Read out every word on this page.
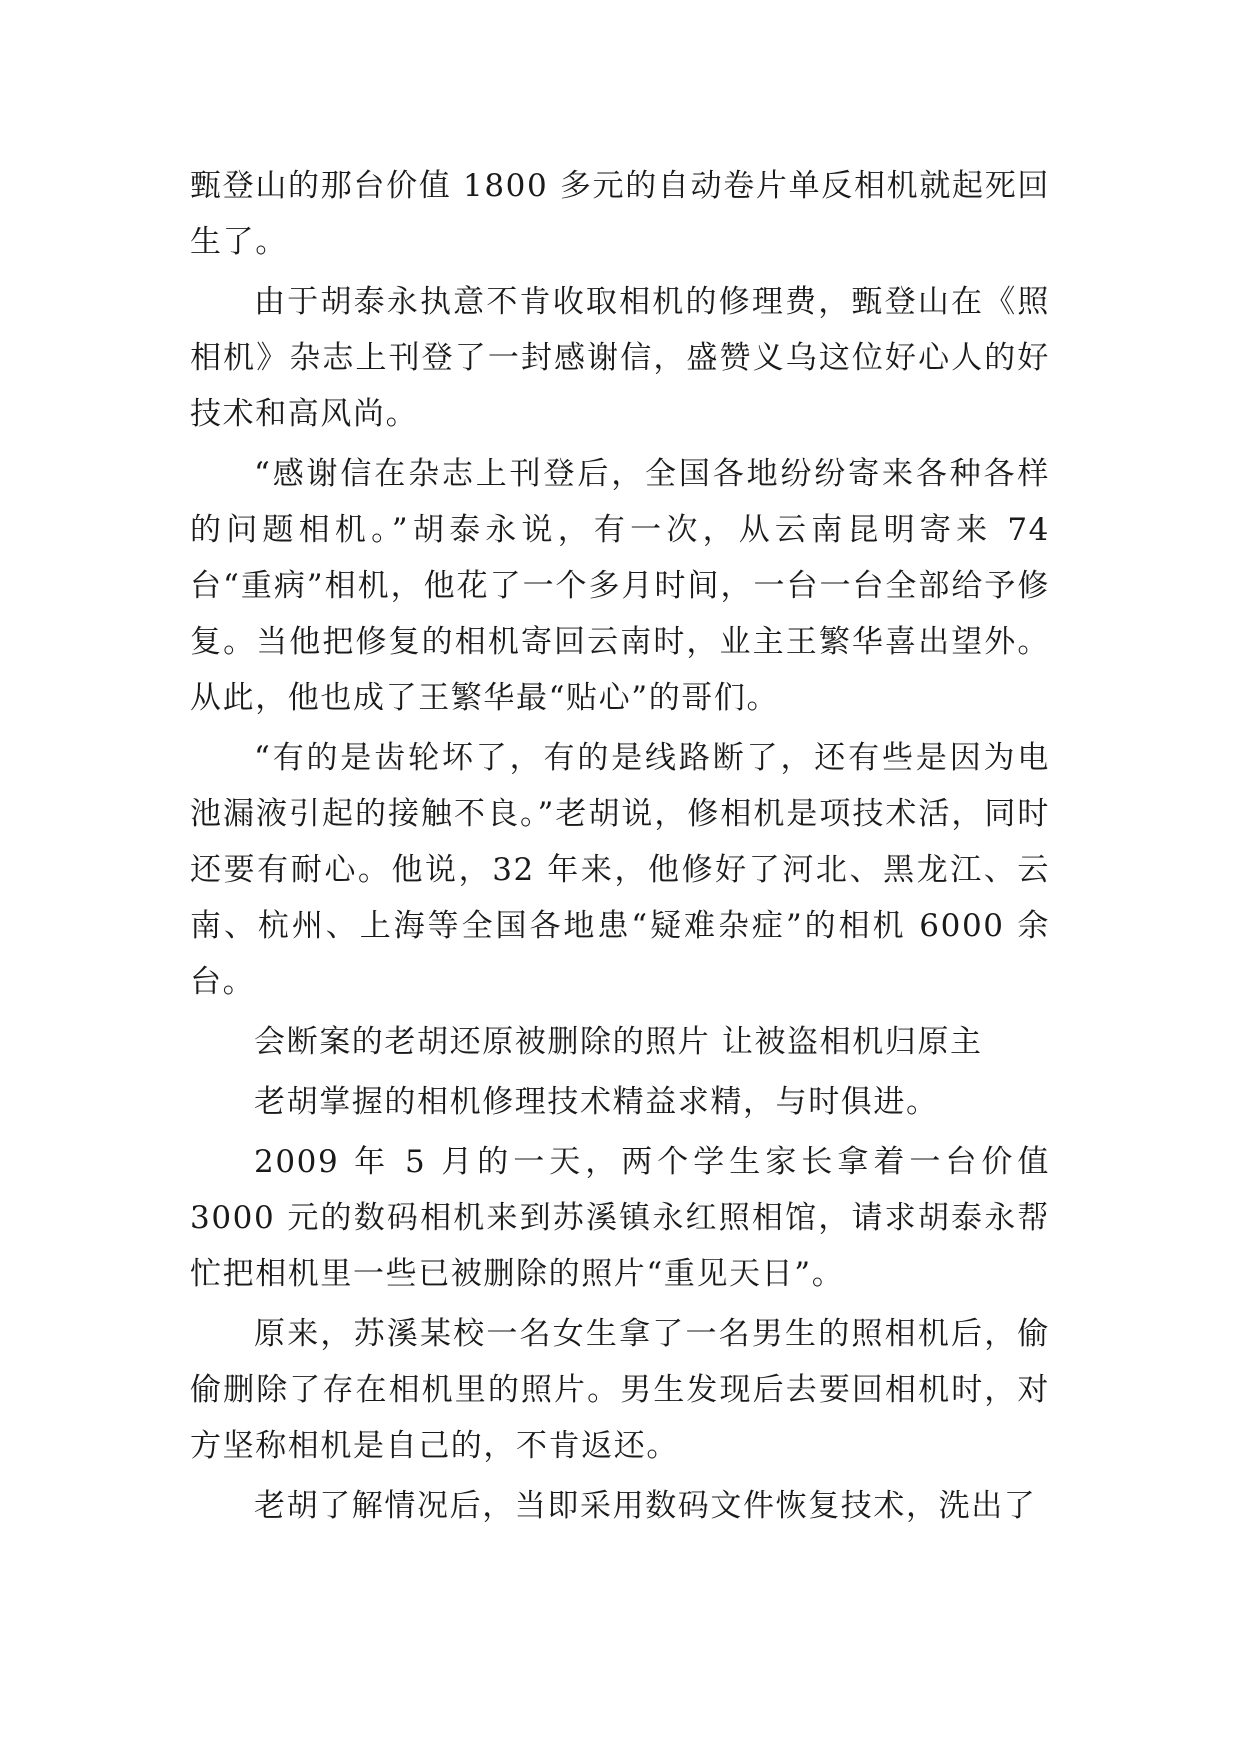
甄登山的那台价值 1800 多元的自动卷片单反相机就起死回生了。

由于胡泰永执意不肯收取相机的修理费，甄登山在《照相机》杂志上刊登了一封感谢信，盛赞义乌这位好心人的好技术和高风尚。

“感谢信在杂志上刊登后，全国各地纷纷寄来各种各样的问题相机。”胡泰永说，有一次，从云南昆明寄来 74 台“重病”相机，他花了一个多月时间，一台一台全部给予修复。当他把修复的相机寄回云南时，业主王繁华喜出望外。从此，他也成了王繁华最“贴心”的哥们。

“有的是齿轮坏了，有的是线路断了，还有些是因为电池漏液引起的接触不良。”老胡说，修相机是项技术活，同时还要有耐心。他说，32 年来，他修好了河北、黑龙江、云南、杭州、上海等全国各地患“疑难杂症”的相机 6000 余台。

会断案的老胡还原被删除的照片 让被盗相机归原主

老胡掌握的相机修理技术精益求精，与时俱进。

2009 年 5 月的一天，两个学生家长拿着一台价值 3000 元的数码相机来到苏溪镇永红照相馆，请求胡泰永帮忙把相机里一些已被删除的照片“重见天日”。

原来，苏溪某校一名女生拿了一名男生的照相机后，偷偷删除了存在相机里的照片。男生发现后去要回相机时，对方坚称相机是自己的，不肯返还。

老胡了解情况后，当即采用数码文件恢复技术，洗出了
